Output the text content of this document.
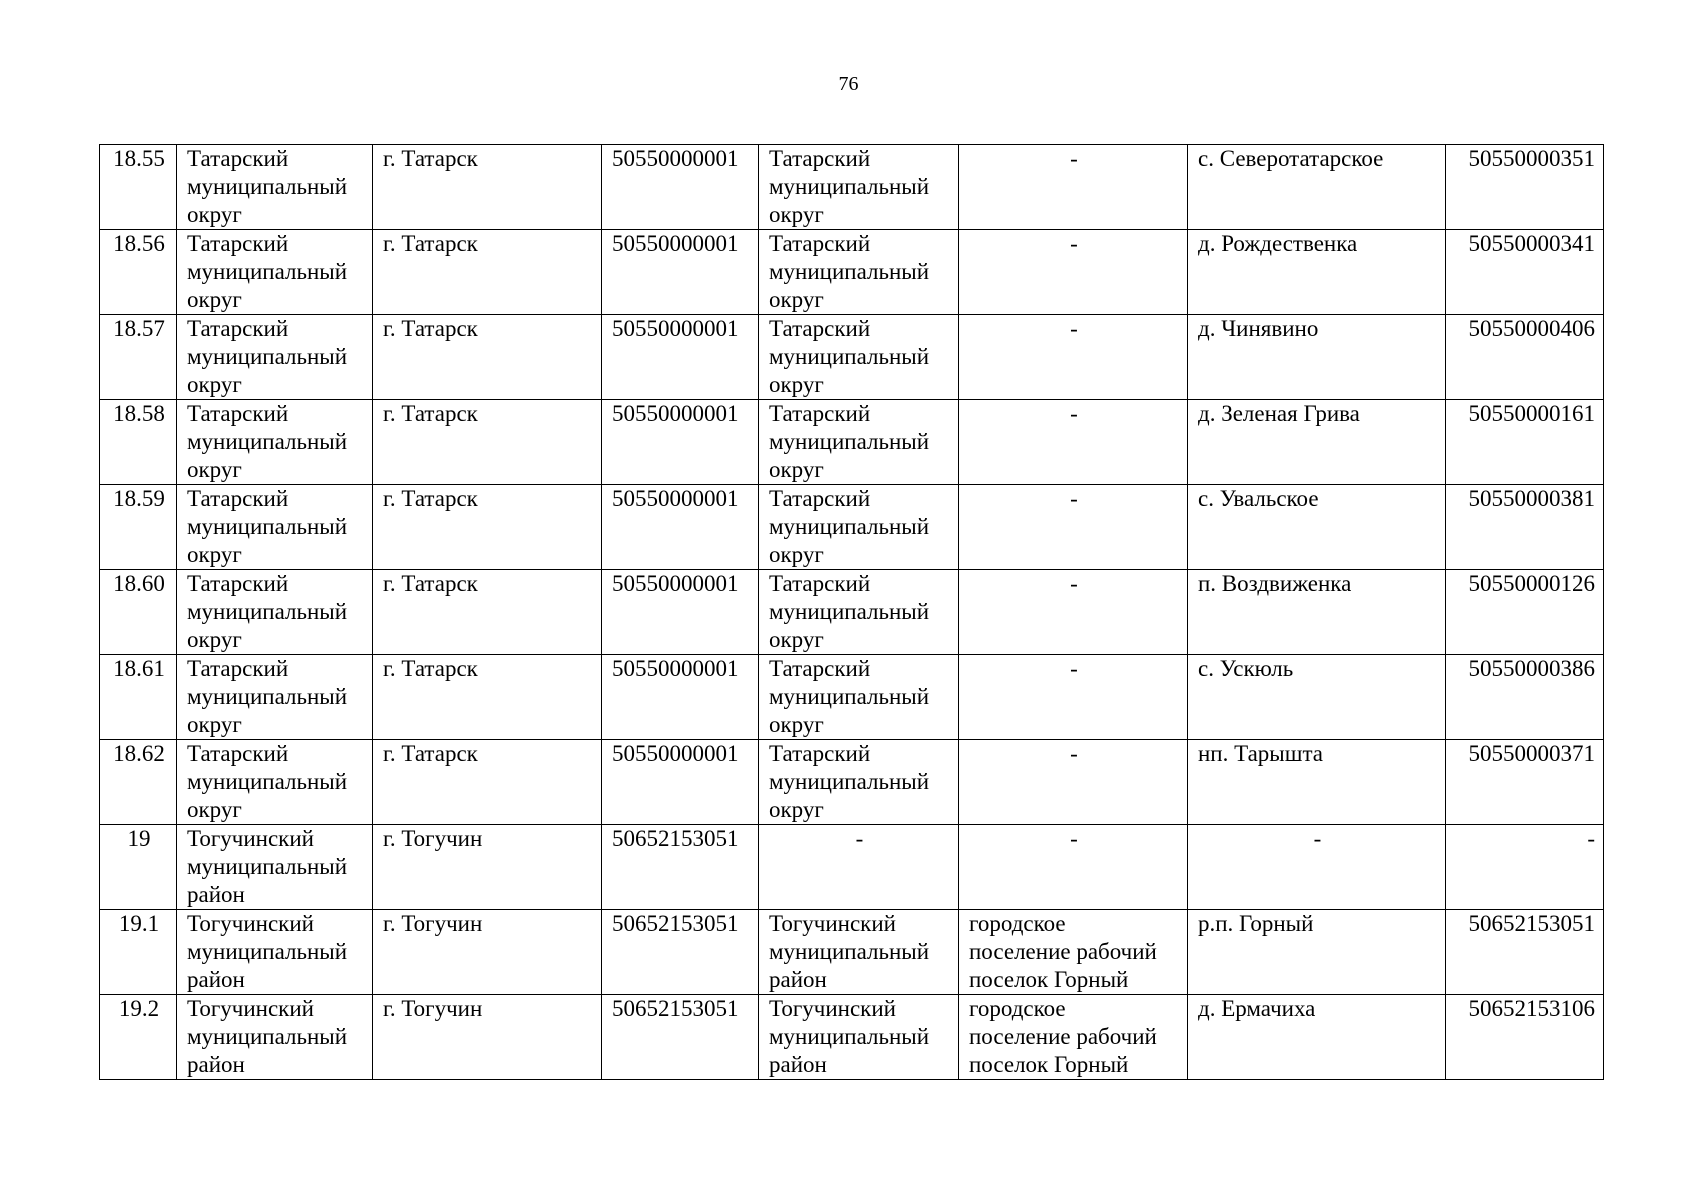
76
18.55	Татарский
муниципальный
округ	г. Татарск	50550000001	Татарский
муниципальный
округ	-	с. Северотатарское	50550000351
18.56	Татарский
муниципальный
округ	г. Татарск	50550000001	Татарский
муниципальный
округ	-	д. Рождественка	50550000341
18.57	Татарский
муниципальный
округ	г. Татарск	50550000001	Татарский
муниципальный
округ	-	д. Чинявино	50550000406
18.58	Татарский
муниципальный
округ	г. Татарск	50550000001	Татарский
муниципальный
округ	-	д. Зеленая Грива	50550000161
18.59	Татарский
муниципальный
округ	г. Татарск	50550000001	Татарский
муниципальный
округ	-	с. Увальское	50550000381
18.60	Татарский
муниципальный
округ	г. Татарск	50550000001	Татарский
муниципальный
округ	-	п. Воздвиженка	50550000126
18.61	Татарский
муниципальный
округ	г. Татарск	50550000001	Татарский
муниципальный
округ	-	с. Ускюль	50550000386
18.62	Татарский
муниципальный
округ	г. Татарск	50550000001	Татарский
муниципальный
округ	-	нп. Тарышта	50550000371
19	Тогучинский
муниципальный
район	г. Тогучин	50652153051	-	-	-	-
19.1	Тогучинский
муниципальный
район	г. Тогучин	50652153051	Тогучинский
муниципальный
район	городское
поселение рабочий
поселок Горный	р.п. Горный	50652153051
19.2	Тогучинский
муниципальный
район	г. Тогучин	50652153051	Тогучинский
муниципальный
район	городское
поселение рабочий
поселок Горный	д. Ермачиха	50652153106
